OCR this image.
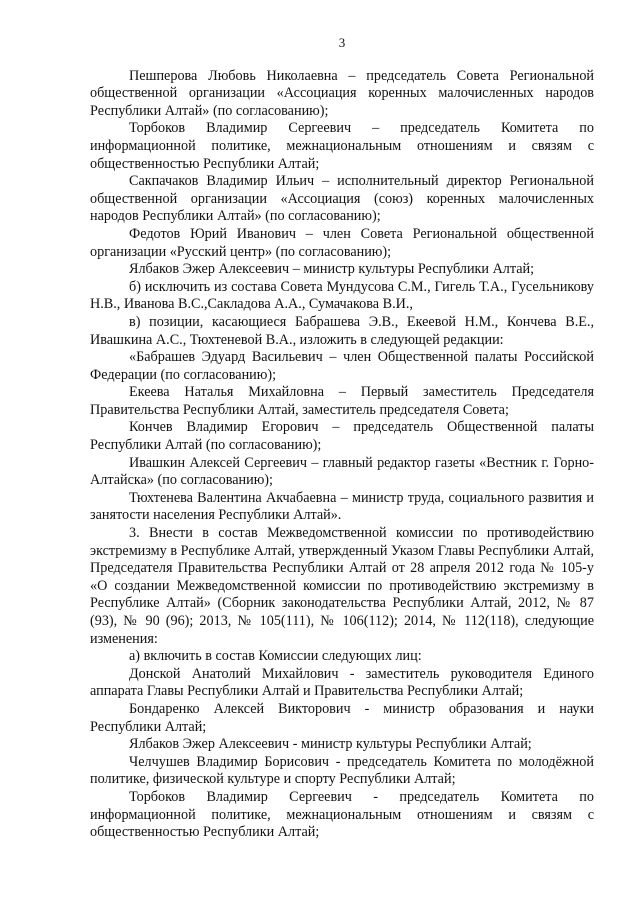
3

Пешперова Любовь Николаевна – председатель Совета Региональной общественной организации «Ассоциация коренных малочисленных народов Республики Алтай» (по согласованию);

Торбоков Владимир Сергеевич – председатель Комитета по информационной политике, межнациональным отношениям и связям с общественностью Республики Алтай;

Сакпачаков Владимир Ильич – исполнительный директор Региональной общественной организации «Ассоциация (союз) коренных малочисленных народов Республики Алтай» (по согласованию);

Федотов Юрий Иванович – член Совета Региональной общественной организации «Русский центр» (по согласованию);

Ялбаков Эжер Алексеевич – министр культуры Республики Алтай;

б) исключить из состава Совета Мундусова С.М., Гигель Т.А., Гусельникову Н.В., Иванова В.С.,Сакладова А.А., Сумачакова В.И.,

в) позиции, касающиеся Бабрашева Э.В., Екеевой Н.М., Кончева В.Е., Ивашкина А.С., Тюхтеневой В.А., изложить в следующей редакции:

«Бабрашев Эдуард Васильевич – член Общественной палаты Российской Федерации (по согласованию);

Екеева Наталья Михайловна – Первый заместитель Председателя Правительства Республики Алтай, заместитель председателя Совета;

Кончев Владимир Егорович – председатель Общественной палаты Республики Алтай (по согласованию);

Ивашкин Алексей Сергеевич – главный редактор газеты «Вестник г. Горно-Алтайска» (по согласованию);

Тюхтенева Валентина Акчабаевна – министр труда, социального развития и занятости населения Республики Алтай».

3. Внести в состав Межведомственной комиссии по противодействию экстремизму в Республике Алтай, утвержденный Указом Главы Республики Алтай, Председателя Правительства Республики Алтай от 28 апреля 2012 года № 105-у «О создании Межведомственной комиссии по противодействию экстремизму в Республике Алтай» (Сборник законодательства Республики Алтай, 2012, № 87 (93), № 90 (96); 2013, № 105(111), № 106(112); 2014, № 112(118), следующие изменения:

а) включить в состав Комиссии следующих лиц:

Донской Анатолий Михайлович - заместитель руководителя Единого аппарата Главы Республики Алтай и Правительства Республики Алтай;

Бондаренко Алексей Викторович - министр образования и науки Республики Алтай;

Ялбаков Эжер Алексеевич - министр культуры Республики Алтай;

Челчушев Владимир Борисович - председатель Комитета по молодёжной политике, физической культуре и спорту Республики Алтай;

Торбоков Владимир Сергеевич - председатель Комитета по информационной политике, межнациональным отношениям и связям с общественностью Республики Алтай;
